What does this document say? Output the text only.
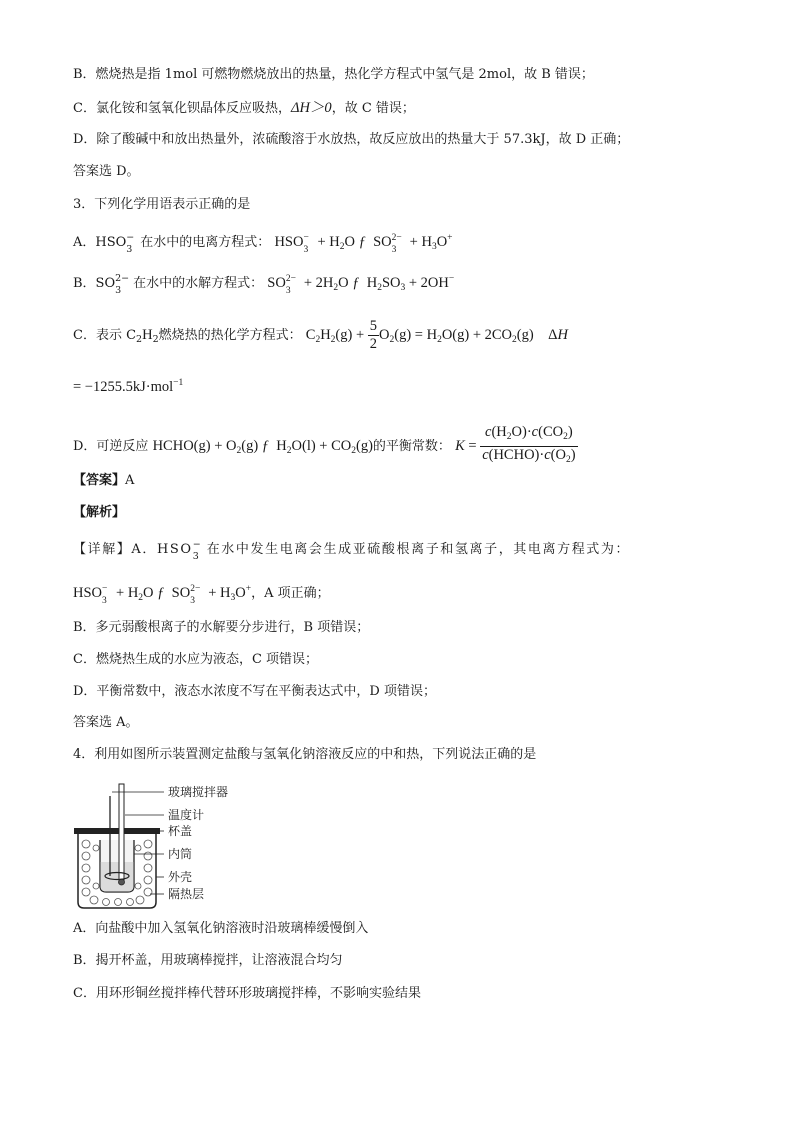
B．燃烧热是指 1mol 可燃物燃烧放出的热量，热化学方程式中氢气是 2mol，故 B 错误；
C．氯化铵和氢氧化钡晶体反应吸热，ΔH＞0，故 C 错误；
D．除了酸碱中和放出热量外，浓硫酸溶于水放热，故反应放出的热量大于 57.3kJ，故 D 正确；
答案选 D。
3．下列化学用语表示正确的是
A．HSO −
3 在水中的电离方程式： HSO −
$3 + H_2O$ ƒ  SO 2−
$3 + H_3O^+$
B．SO 2−
3 在水中的水解方程式： SO 2−
$3 + 2H_2O$ ƒ  $H_2SO_3 + 2OH^-$
C．表示 $C_2H_2$燃烧热的热化学方程式： $C_2H_2(g) + \frac{5}{2} O_2(g) = H_2O(g) + 2CO_2(g)$    ΔH
= −1255.5kJ·mol$^{-1}$
D．可逆反应 HCHO(g) + $O_2(g)$ ƒ  $H_2O(l) + CO_2(g)$的平衡常数： $K = \frac{c(H_2O)\cdot c(CO_2)}{c(HCHO)\cdot c(O_2)}$
【答案】A
【解析】
【详解】A．HSO −
3 在水中发生电离会生成亚硫酸根离子和氢离子，其电离方程式为：
HSO −
$3 + H_2O$ ƒ  SO 2−
$3 + H_3O^+$，A 项正确；
B．多元弱酸根离子的水解要分步进行，B 项错误；
C．燃烧热生成的水应为液态，C 项错误；
D．平衡常数中，液态水浓度不写在平衡表达式中，D 项错误；
答案选 A。
4．利用如图所示装置测定盐酸与氢氧化钠溶液反应的中和热，下列说法正确的是
玻璃搅拌器
温度计
杯盖
内筒
外壳
隔热层
A．向盐酸中加入氢氧化钠溶液时沿玻璃棒缓慢倒入
B．揭开杯盖，用玻璃棒搅拌，让溶液混合均匀
C．用环形铜丝搅拌棒代替环形玻璃搅拌棒，不影响实验结果
